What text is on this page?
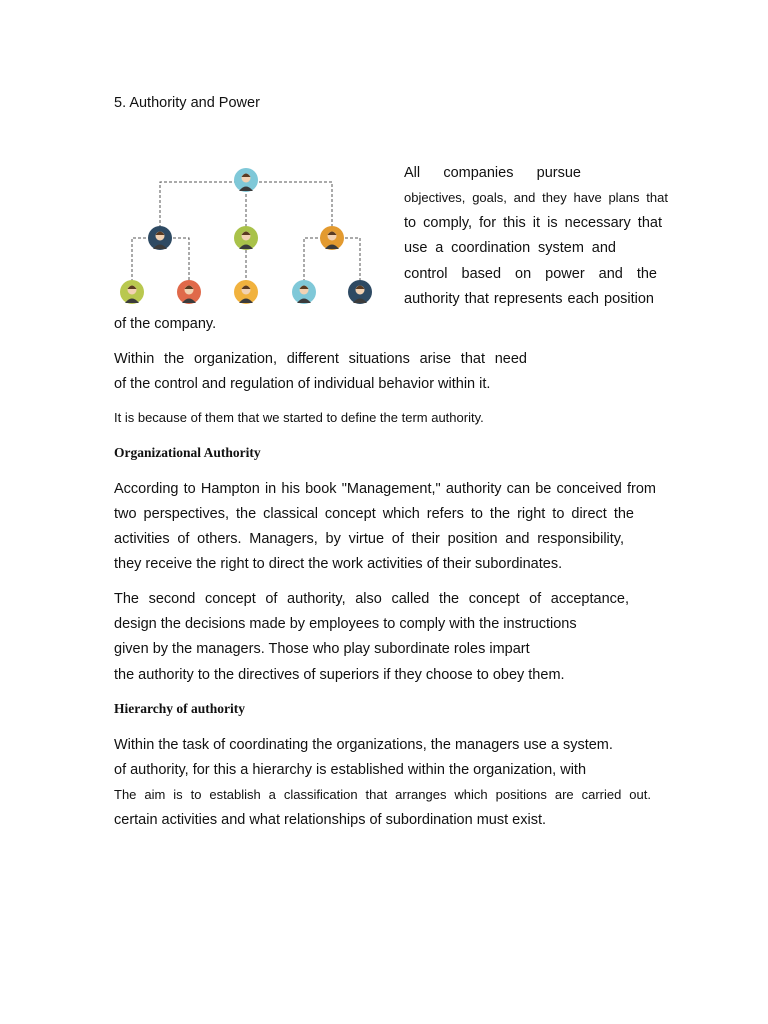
5. Authority and Power
All companies pursue
objectives, goals, and they have plans that
to comply, for this it is necessary that
use a coordination system and
control based on power and the
authority that represents each position
of the company.
Within the organization, different situations arise that need
of the control and regulation of individual behavior within it.
It is because of them that we started to define the term authority.
Organizational Authority
According to Hampton in his book "Management," authority can be conceived from
two perspectives, the classical concept which refers to the right to direct the
activities of others. Managers, by virtue of their position and responsibility,
they receive the right to direct the work activities of their subordinates.
The second concept of authority, also called the concept of acceptance,
design the decisions made by employees to comply with the instructions
given by the managers. Those who play subordinate roles impart
the authority to the directives of superiors if they choose to obey them.
Hierarchy of authority
Within the task of coordinating the organizations, the managers use a system.
of authority, for this a hierarchy is established within the organization, with
The aim is to establish a classification that arranges which positions are carried out.
certain activities and what relationships of subordination must exist.
